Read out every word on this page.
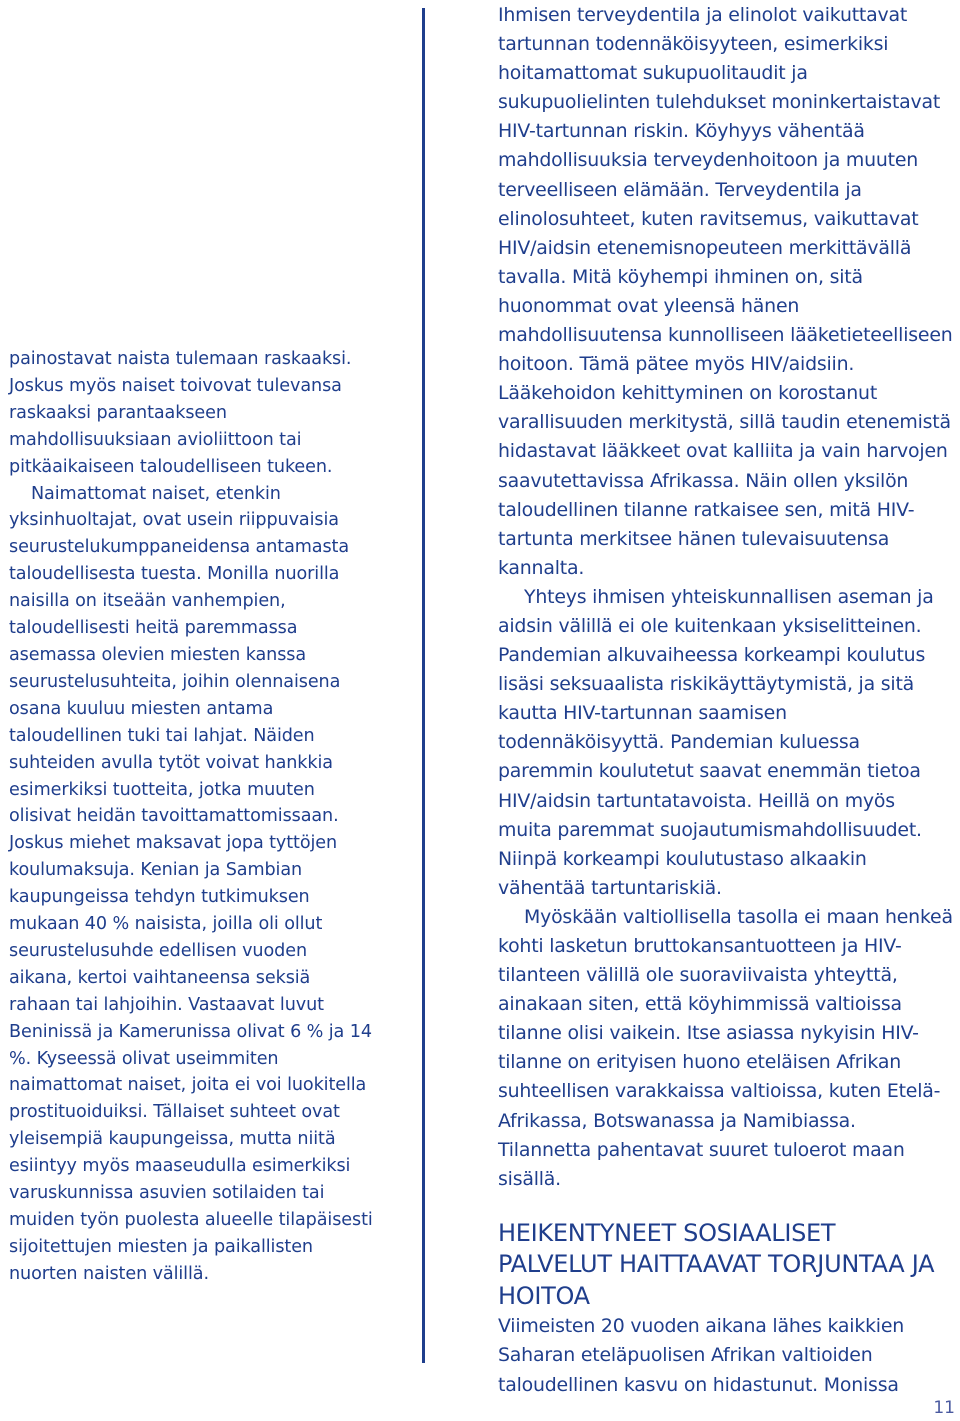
painostavat naista tulemaan raskaaksi. Joskus myös naiset toivovat tulevansa raskaaksi parantaakseen mahdollisuuksiaan avioliittoon tai pitkäaikaiseen taloudelliseen tukeen.

Naimattomat naiset, etenkin yksinhuoltajat, ovat usein riippuvaisia seurustelukumppaneidensa antamasta taloudellisesta tuesta. Monilla nuorilla naisilla on itseään vanhempien, taloudellisesti heitä paremmassa asemassa olevien miesten kanssa seurustelusuhteita, joihin olennaisena osana kuuluu miesten antama taloudellinen tuki tai lahjat. Näiden suhteiden avulla tytöt voivat hankkia esimerkiksi tuotteita, jotka muuten olisivat heidän tavoittamattomissaan. Joskus miehet maksavat jopa tyttöjen koulumaksuja. Kenian ja Sambian kaupungeissa tehdyn tutkimuksen mukaan 40 % naisista, joilla oli ollut seurustelusuhde edellisen vuoden aikana, kertoi vaihtaneensa seksiä rahaan tai lahjoihin. Vastaavat luvut Beninissä ja Kamerunissa olivat 6 % ja 14 %. Kyseessä olivat useimmiten naimattomat naiset, joita ei voi luokitella prostituoiduiksi. Tällaiset suhteet ovat yleisempiä kaupungeissa, mutta niitä esiintyy myös maaseudulla esimerkiksi varuskunnissa asuvien sotilaiden tai muiden työn puolesta alueelle tilapäisesti sijoitettujen miesten ja paikallisten nuorten naisten välillä.

Ihmisen terveydentila ja elinolot vaikuttavat tartunnan todennäköisyyteen, esimerkiksi hoitamattomat sukupuolitaudit ja sukupuolielinten tulehdukset moninkertaistavat HIV-tartunnan riskin. Köyhyys vähentää mahdollisuuksia terveydenhoitoon ja muuten terveelliseen elämään. Terveydentila ja elinolosuhteet, kuten ravitsemus, vaikuttavat HIV/aidsin etenemisnopeuteen merkittävällä tavalla. Mitä köyhempi ihminen on, sitä huonommat ovat yleensä hänen mahdollisuutensa kunnolliseen lääketieteelliseen hoitoon. Tämä pätee myös HIV/aidsiin. Lääkehoidon kehittyminen on korostanut varallisuuden merkitystä, sillä taudin etenemistä hidastavat lääkkeet ovat kalliita ja vain harvojen saavutettavissa Afrikassa. Näin ollen yksilön taloudellinen tilanne ratkaisee sen, mitä HIV-tartunta merkitsee hänen tulevaisuutensa kannalta.

Yhteys ihmisen yhteiskunnallisen aseman ja aidsin välillä ei ole kuitenkaan yksiselitteinen. Pandemian alkuvaiheessa korkeampi koulutus lisäsi seksuaalista riskikäyttäytymistä, ja sitä kautta HIV-tartunnan saamisen todennäköisyyttä. Pandemian kuluessa paremmin koulutetut saavat enemmän tietoa HIV/aidsin tartuntatavoista. Heillä on myös muita paremmat suojautumismahdollisuudet. Niinpä korkeampi koulutustaso alkaakin vähentää tartuntariskiä.

Myöskään valtiollisella tasolla ei maan henkeä kohti lasketun bruttokansantuotteen ja HIV-tilanteen välillä ole suoraviivaista yhteyttä, ainakaan siten, että köyhimmissä valtioissa tilanne olisi vaikein. Itse asiassa nykyisin HIV-tilanne on erityisen huono eteläisen Afrikan suhteellisen varakkaissa valtioissa, kuten Etelä-Afrikassa, Botswanassa ja Namibiassa. Tilannetta pahentavat suuret tuloerot maan sisällä.

HEIKENTYNEET SOSIAALISET PALVELUT HAITTAAVAT TORJUNTAA JA HOITOA

Viimeisten 20 vuoden aikana lähes kaikkien Saharan eteläpuolisen Afrikan valtioiden taloudellinen kasvu on hidastunut. Monissa

11
